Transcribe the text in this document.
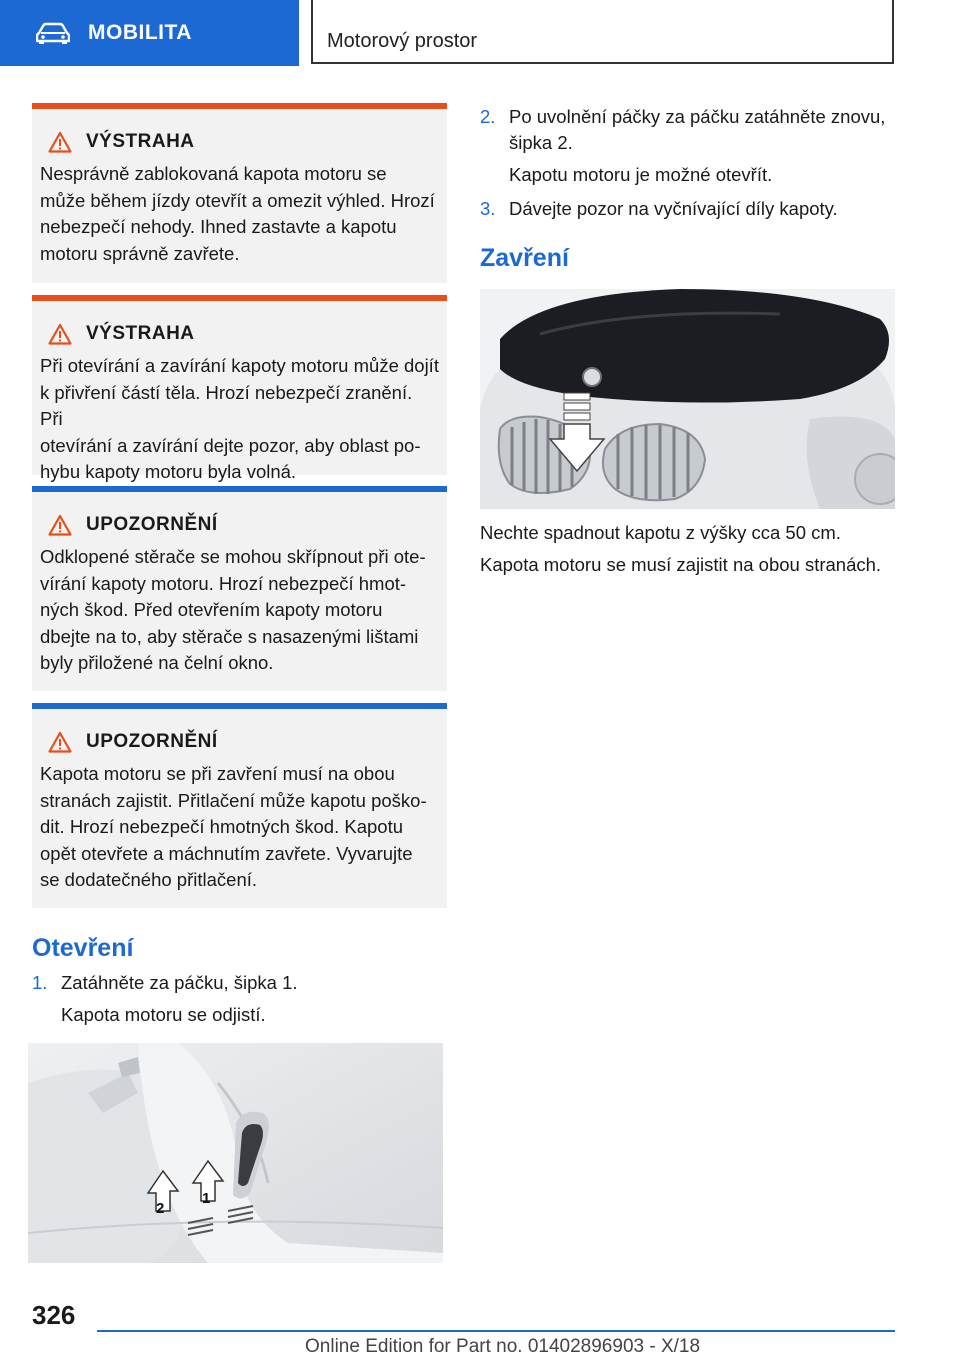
MOBILITA	Motorový prostor
VÝSTRAHA

Nesprávně zablokovaná kapota motoru se
může během jízdy otevřít a omezit výhled. Hrozí
nebezpečí nehody. Ihned zastavte a kapotu
motoru správně zavřete.

VÝSTRAHA

Při otevírání a zavírání kapoty motoru může dojít
k přivření částí těla. Hrozí nebezpečí zranění. Při
otevírání a zavírání dejte pozor, aby oblast po‐
hybu kapoty motoru byla volná.

UPOZORNĚNÍ

Odklopené stěrače se mohou skřípnout při ote‐
vírání kapoty motoru. Hrozí nebezpečí hmot‐
ných škod. Před otevřením kapoty motoru
dbejte na to, aby stěrače s nasazenými lištami
byly přiložené na čelní okno.

UPOZORNĚNÍ

Kapota motoru se při zavření musí na obou
stranách zajistit. Přitlačení může kapotu poško‐
dit. Hrozí nebezpečí hmotných škod. Kapotu
opět otevřete a máchnutím zavřete. Vyvarujte
se dodatečného přitlačení.

Otevření
1. Zatáhněte za páčku, šipka 1.
Kapota motoru se odjistí.
2
1
2. Po uvolnění páčky za páčku zatáhněte znovu,
šipka 2.
Kapotu motoru je možné otevřít.
3. Dávejte pozor na vyčnívající díly kapoty.
Zavření
Nechte spadnout kapotu z výšky cca 50 cm.
Kapota motoru se musí zajistit na obou stranách.
326
Online Edition for Part no. 01402896903 - X/18
